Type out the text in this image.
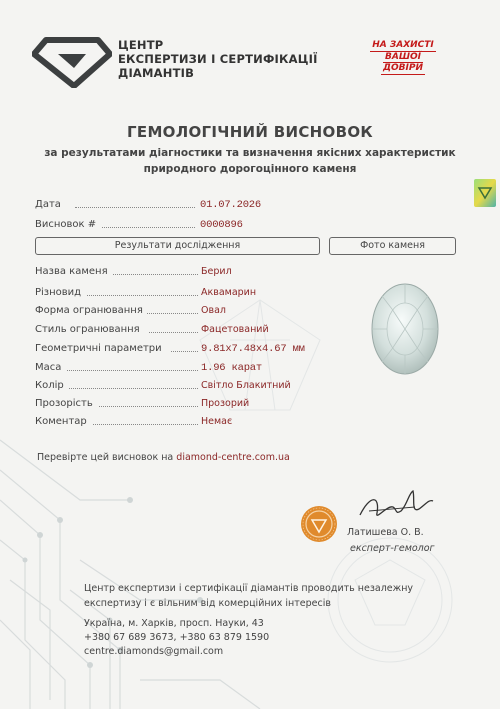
ЦЕНТР
ЕКСПЕРТИЗИ І СЕРТИФІКАЦІЇ
ДІАМАНТІВ
НА ЗАХИСТІ
ВАШОЇ
ДОВІРИ
ГЕМОЛОГІЧНИЙ ВИСНОВОК
за результатами діагностики та визначення якісних характеристик
природного дорогоцінного каменя
Дата	01.07.2026
Висновок #	0000896
Результати дослідження	Фото каменя
Назва каменя	Берил
Різновид	Аквамарин
Форма огранювання	Овал
Стиль огранювання	Фацетований
Геометричні параметри	9.81x7.48x4.67 мм
Маса	1.96 карат
Колір	Світло Блакитний
Прозорість	Прозорий
Коментар	Немає
Перевірте цей висновок на diamond-centre.com.ua
Латишева О. В.
експерт-гемолог
Центр експертизи і сертифікації діамантів проводить незалежну
експертизу і є вільним від комерційних інтересів
Україна, м. Харків, просп. Науки, 43
+380 67 689 3673, +380 63 879 1590
centre.diamonds@gmail.com
